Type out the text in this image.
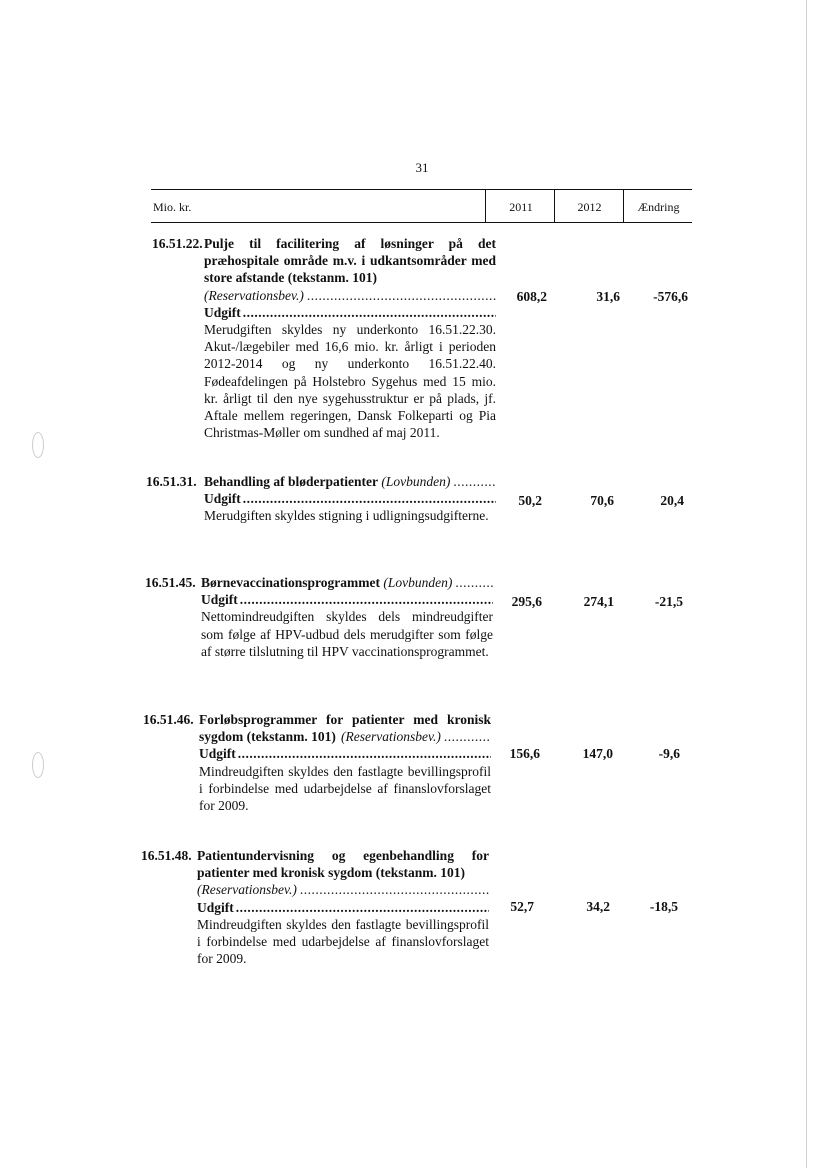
31
Mio. kr.	2011	2012	Ændring
16.51.22. Pulje til facilitering af løsninger på det præhospitale område m.v. i udkantsområder med store afstande (tekstanm. 101)
(Reservationsbev.)
.....
Udgift
.....
Merudgiften skyldes ny underkonto 16.51.22.30. Akut-/lægebiler med 16,6 mio. kr. årligt i perioden 2012-2014 og ny underkonto 16.51.22.40. Fødeafdelingen på Holstebro Sygehus med 15 mio. kr. årligt til den nye sygehusstruktur er på plads, jf. Aftale mellem regeringen, Dansk Folkeparti og Pia Christmas-Møller om sundhed af maj 2011.
608,2	31,6 -576,6
16.51.31. Behandling af bløderpatienter
(Lovbunden)
.....
Udgift
.....
Merudgiften skyldes stigning i udligningsudgifterne.
50,2	70,6	20,4
16.51.45. Børnevaccinationsprogrammet
(Lovbunden)
.....
Udgift
.....
Nettomindreudgiften skyldes dels mindreudgifter som følge af HPV-udbud dels merudgifter som følge af større tilslutning til HPV vaccinationsprogrammet.
295,6	274,1	-21,5
16.51.46. Forløbsprogrammer for patienter med kronisk sygdom (tekstanm. 101) (Reservationsbev.)
.....
Udgift
.....
Mindreudgiften skyldes den fastlagte bevillingsprofil i forbindelse med udarbejdelse af finanslovforslaget for 2009.
156,6	147,0	-9,6
16.51.48. Patientundervisning og egenbehandling for patienter med kronisk sygdom (tekstanm. 101)
(Reservationsbev.)
.....
Udgift
.....
Mindreudgiften skyldes den fastlagte bevillingsprofil i forbindelse med udarbejdelse af finanslovforslaget for 2009.
52,7	34,2	-18,5
